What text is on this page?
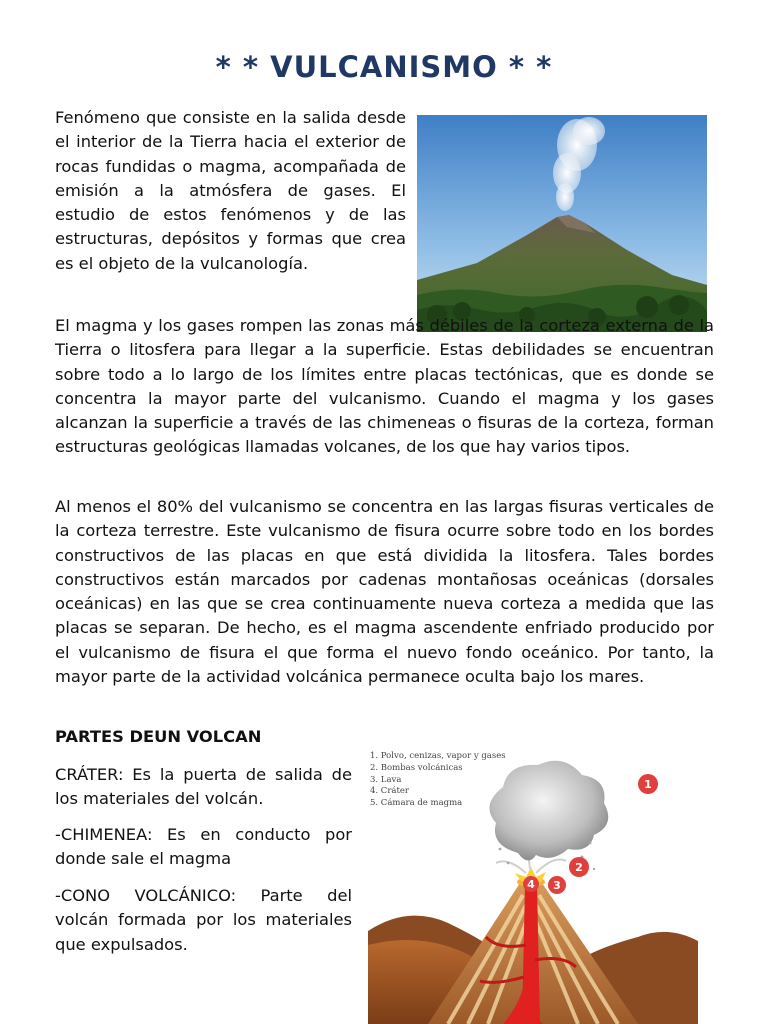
* * VULCANISMO * *

Fenómeno que consiste en la salida desde el interior de la Tierra hacia el exterior de rocas fundidas o magma, acompañada de emisión a la atmósfera de gases. El estudio de estos fenómenos y de las estructuras, depósitos y formas que crea es el objeto de la vulcanología.

El magma y los gases rompen las zonas más débiles de la corteza externa de la Tierra o litosfera para llegar a la superficie. Estas debilidades se encuentran sobre todo a lo largo de los límites entre placas tectónicas, que es donde se concentra la mayor parte del vulcanismo. Cuando el magma y los gases alcanzan la superficie a través de las chimeneas o fisuras de la corteza, forman estructuras geológicas llamadas volcanes, de los que hay varios tipos.

Al menos el 80% del vulcanismo se concentra en las largas fisuras verticales de la corteza terrestre. Este vulcanismo de fisura ocurre sobre todo en los bordes constructivos de las placas en que está dividida la litosfera. Tales bordes constructivos están marcados por cadenas montañosas oceánicas (dorsales oceánicas) en las que se crea continuamente nueva corteza a medida que las placas se separan. De hecho, es el magma ascendente enfriado producido por el vulcanismo de fisura el que forma el nuevo fondo oceánico. Por tanto, la mayor parte de la actividad volcánica permanece oculta bajo los mares.

PARTES DEUN VOLCAN

CRÁTER: Es la puerta de salida de los materiales del volcán.

-CHIMENEA: Es en conducto por donde sale el magma

-CONO VOLCÁNICO: Parte del volcán formada por los materiales que expulsados.

1
2
3
4
1. Polvo, cenizas, vapor y gases
2. Bombas volcánicas
3. Lava
4. Cráter
5. Cámara de magma
